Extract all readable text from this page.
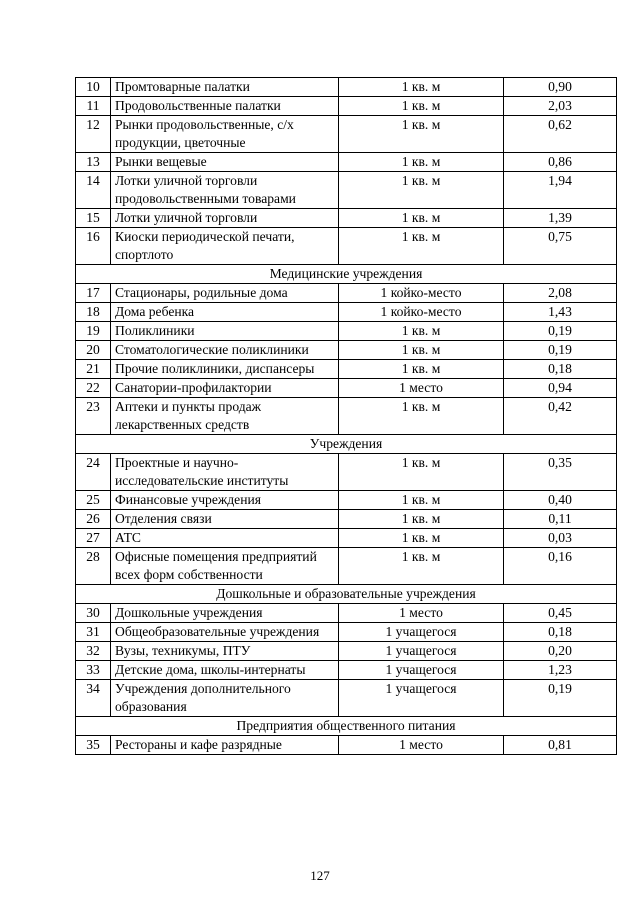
10	Промтоварные палатки	1 кв. м	0,90
11	Продовольственные палатки	1 кв. м	2,03
12	Рынки продовольственные, с/х продукции, цветочные	1 кв. м	0,62
13	Рынки вещевые	1 кв. м	0,86
14	Лотки уличной торговли продовольственными товарами	1 кв. м	1,94
15	Лотки уличной торговли	1 кв. м	1,39
16	Киоски периодической печати, спортлото	1 кв. м	0,75
Медицинские учреждения			
17	Стационары, родильные дома	1 койко-место	2,08
18	Дома ребенка	1 койко-место	1,43
19	Поликлиники	1 кв. м	0,19
20	Стоматологические поликлиники	1 кв. м	0,19
21	Прочие поликлиники, диспансеры	1 кв. м	0,18
22	Санатории-профилактории	1 место	0,94
23	Аптеки и пункты продаж лекарственных средств	1 кв. м	0,42
Учреждения			
24	Проектные и научно-исследовательские институты	1 кв. м	0,35
25	Финансовые учреждения	1 кв. м	0,40
26	Отделения связи	1 кв. м	0,11
27	АТС	1 кв. м	0,03
28	Офисные помещения предприятий всех форм собственности	1 кв. м	0,16
Дошкольные и образовательные учреждения			
30	Дошкольные учреждения	1 место	0,45
31	Общеобразовательные учреждения	1 учащегося	0,18
32	Вузы, техникумы, ПТУ	1 учащегося	0,20
33	Детские дома, школы-интернаты	1 учащегося	1,23
34	Учреждения дополнительного образования	1 учащегося	0,19
Предприятия общественного питания			
35	Рестораны и кафе разрядные	1 место	0,81
127
